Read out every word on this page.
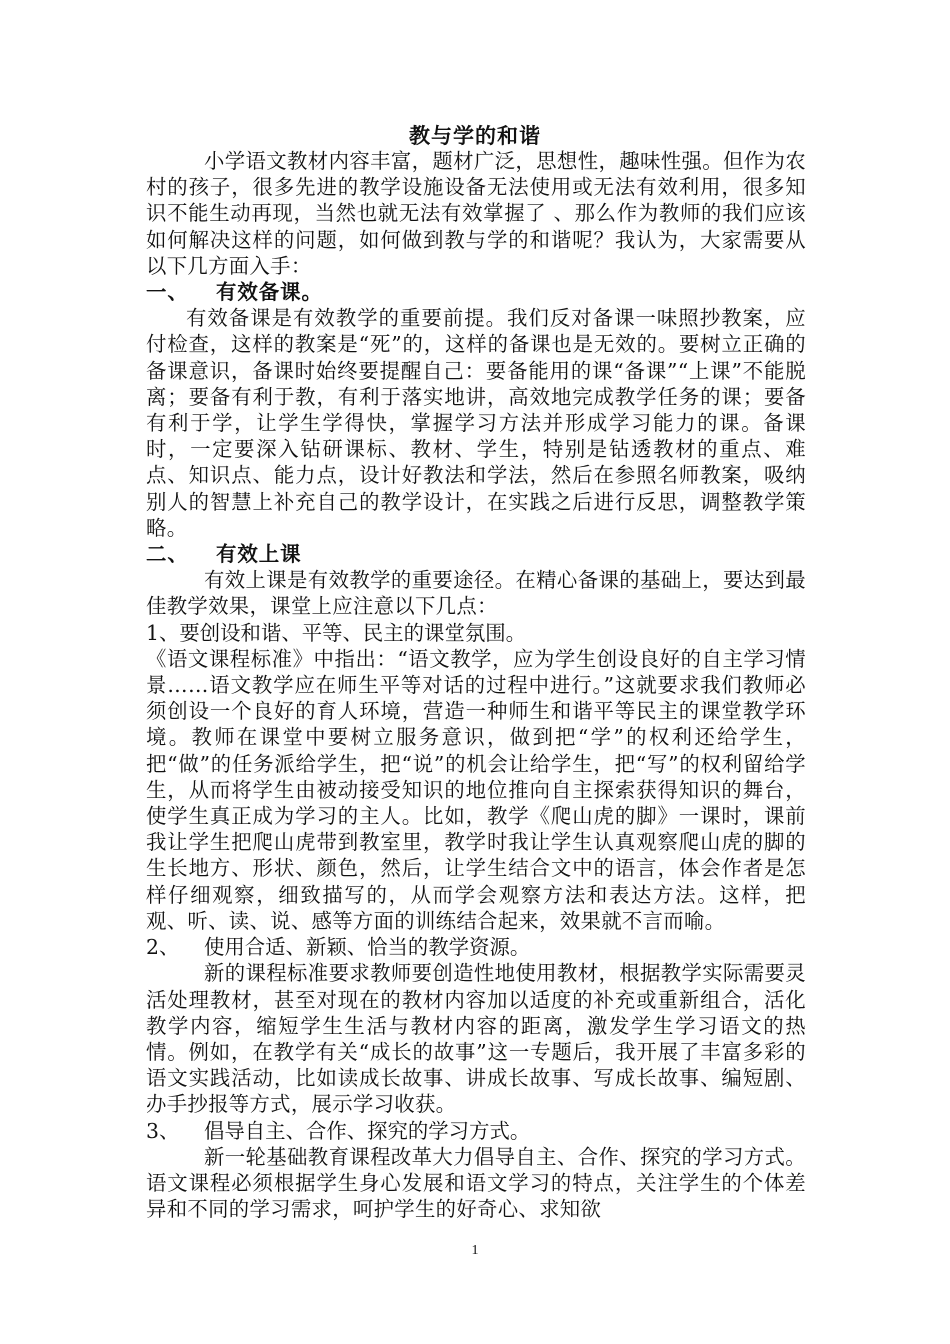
教与学的和谐

小学语文教材内容丰富，题材广泛，思想性，趣味性强。但作为农村的孩子，很多先进的教学设施设备无法使用或无法有效利用，很多知识不能生动再现，当然也就无法有效掌握了 、那么作为教师的我们应该如何解决这样的问题，如何做到教与学的和谐呢？我认为，大家需要从以下几方面入手：

一、 有效备课。

有效备课是有效教学的重要前提。我们反对备课一味照抄教案，应付检查，这样的教案是“死”的，这样的备课也是无效的。要树立正确的备课意识，备课时始终要提醒自己：要备能用的课“备课”“上课”不能脱离；要备有利于教，有利于落实地讲，高效地完成教学任务的课；要备有利于学，让学生学得快，掌握学习方法并形成学习能力的课。备课时，一定要深入钻研课标、教材、学生，特别是钻透教材的重点、难点、知识点、能力点，设计好教法和学法，然后在参照名师教案，吸纳别人的智慧上补充自己的教学设计，在实践之后进行反思，调整教学策略。

二、 有效上课

有效上课是有效教学的重要途径。在精心备课的基础上，要达到最佳教学效果，课堂上应注意以下几点：

1、要创设和谐、平等、民主的课堂氛围。

《语文课程标准》中指出：“语文教学，应为学生创设良好的自主学习情景……语文教学应在师生平等对话的过程中进行。”这就要求我们教师必须创设一个良好的育人环境，营造一种师生和谐平等民主的课堂教学环境。教师在课堂中要树立服务意识，做到把“学”的权利还给学生，把“做”的任务派给学生，把“说”的机会让给学生，把“写”的权利留给学生，从而将学生由被动接受知识的地位推向自主探索获得知识的舞台，使学生真正成为学习的主人。比如，教学《爬山虎的脚》一课时，课前我让学生把爬山虎带到教室里，教学时我让学生认真观察爬山虎的脚的生长地方、形状、颜色，然后，让学生结合文中的语言，体会作者是怎样仔细观察，细致描写的，从而学会观察方法和表达方法。这样，把观、听、读、说、感等方面的训练结合起来，效果就不言而喻。

2、 使用合适、新颖、恰当的教学资源。

新的课程标准要求教师要创造性地使用教材，根据教学实际需要灵活处理教材，甚至对现在的教材内容加以适度的补充或重新组合，活化教学内容，缩短学生生活与教材内容的距离，激发学生学习语文的热情。例如，在教学有关“成长的故事”这一专题后，我开展了丰富多彩的语文实践活动，比如读成长故事、讲成长故事、写成长故事、编短剧、办手抄报等方式，展示学习收获。

3、 倡导自主、合作、探究的学习方式。

新一轮基础教育课程改革大力倡导自主、合作、探究的学习方式。语文课程必须根据学生身心发展和语文学习的特点，关注学生的个体差异和不同的学习需求，呵护学生的好奇心、求知欲

1
